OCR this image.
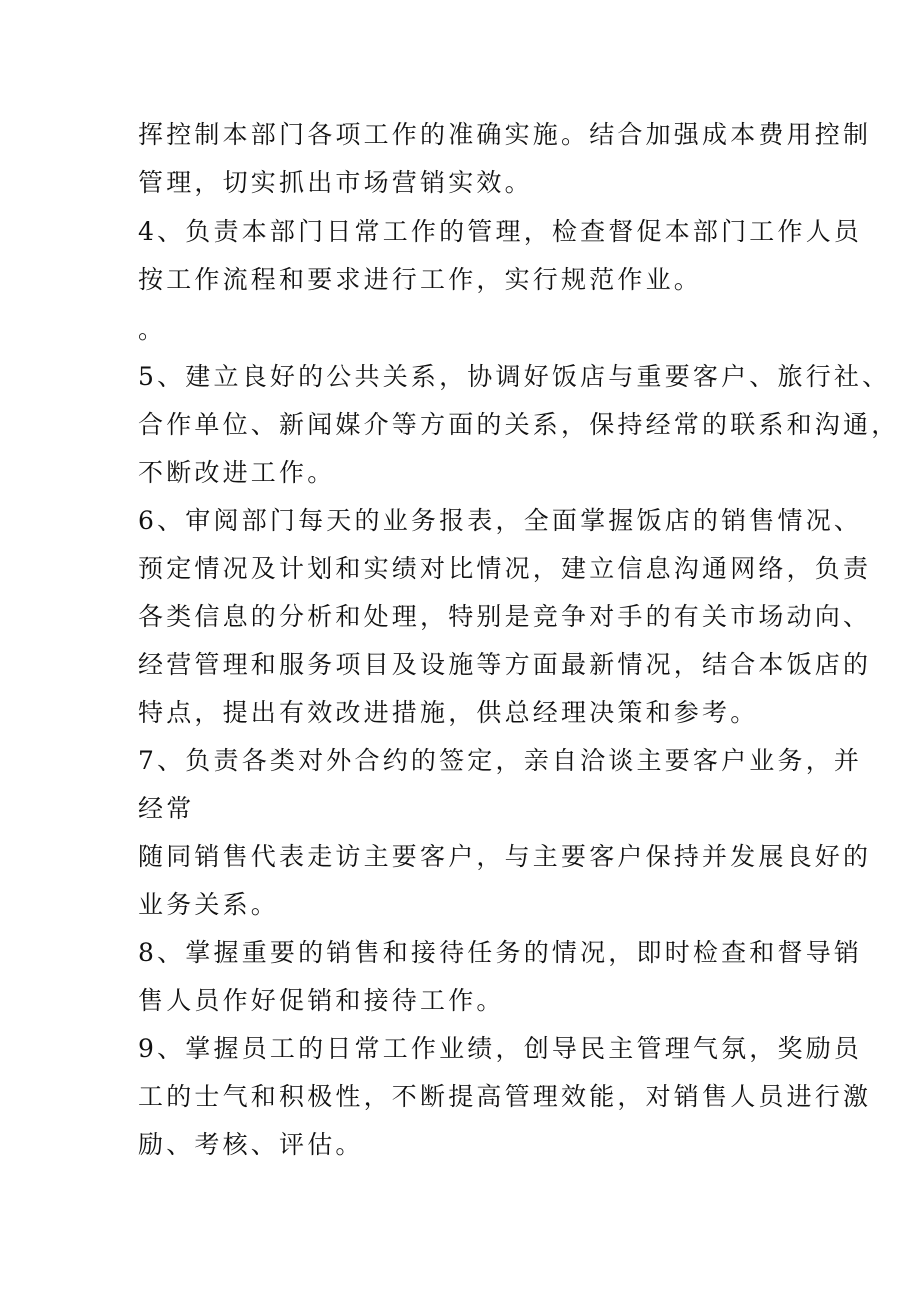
挥控制本部门各项工作的准确实施。结合加强成本费用控制
管理，切实抓出市场营销实效。
4、负责本部门日常工作的管理，检查督促本部门工作人员
按工作流程和要求进行工作，实行规范作业。
。
5、建立良好的公共关系，协调好饭店与重要客户、旅行社、
合作单位、新闻媒介等方面的关系，保持经常的联系和沟通，
不断改进工作。
6、审阅部门每天的业务报表，全面掌握饭店的销售情况、
预定情况及计划和实绩对比情况，建立信息沟通网络，负责
各类信息的分析和处理，特别是竞争对手的有关市场动向、
经营管理和服务项目及设施等方面最新情况，结合本饭店的
特点，提出有效改进措施，供总经理决策和参考。
7、负责各类对外合约的签定，亲自洽谈主要客户业务，并
经常
随同销售代表走访主要客户，与主要客户保持并发展良好的
业务关系。
8、掌握重要的销售和接待任务的情况，即时检查和督导销
售人员作好促销和接待工作。
9、掌握员工的日常工作业绩，创导民主管理气氛，奖励员
工的士气和积极性，不断提高管理效能，对销售人员进行激
励、考核、评估。
